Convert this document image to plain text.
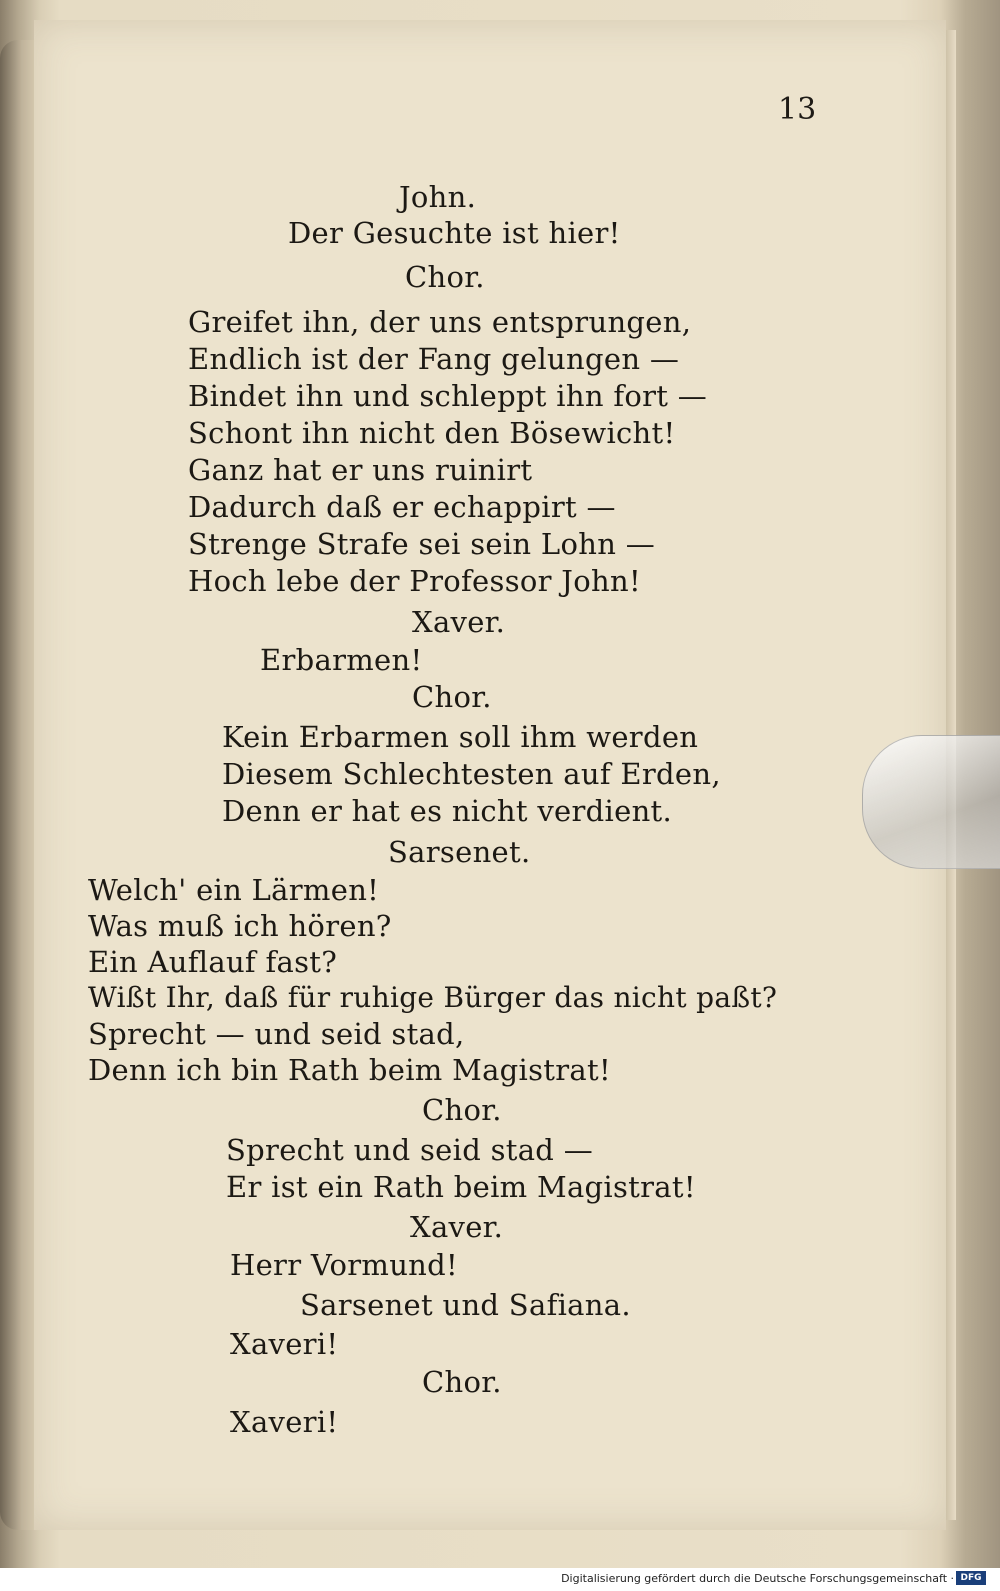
13
John.
Der Gesuchte ist hier!
Chor.
Greifet ihn, der uns entsprungen,
Endlich ist der Fang gelungen —
Bindet ihn und schleppt ihn fort —
Schont ihn nicht den Bösewicht!
Ganz hat er uns ruinirt
Dadurch daß er echappirt —
Strenge Strafe sei sein Lohn —
Hoch lebe der Professor John!
Xaver.
Erbarmen!
Chor.
Kein Erbarmen soll ihm werden
Diesem Schlechtesten auf Erden,
Denn er hat es nicht verdient.
Sarsenet.
Welch' ein Lärmen!
Was muß ich hören?
Ein Auflauf fast?
Wißt Ihr, daß für ruhige Bürger das nicht paßt?
Sprecht — und seid stad,
Denn ich bin Rath beim Magistrat!
Chor.
Sprecht und seid stad —
Er ist ein Rath beim Magistrat!
Xaver.
Herr Vormund!
Sarsenet und Safiana.
Xaveri!
Chor.
Xaveri!
Digitalisierung gefördert durch die Deutsche Forschungsgemeinschaft · DFG
